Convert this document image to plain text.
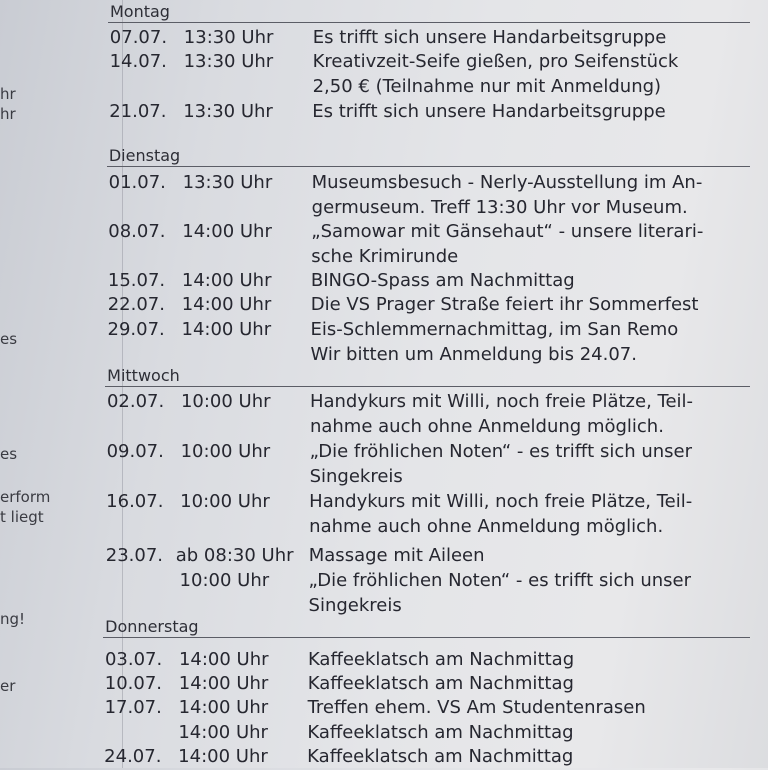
hr
hr
es
es
erform
t liegt
ng!
er
Montag
07.07. 13:30 Uhr Es trifft sich unsere Handarbeitsgruppe
14.07. 13:30 Uhr Kreativzeit-Seife gießen, pro Seifenstück
2,50 € (Teilnahme nur mit Anmeldung)
21.07. 13:30 Uhr Es trifft sich unsere Handarbeitsgruppe
Dienstag
01.07. 13:30 Uhr Museumsbesuch - Nerly-Ausstellung im An-
germuseum. Treff 13:30 Uhr vor Museum.
08.07. 14:00 Uhr „Samowar mit Gänsehaut“ - unsere literari-
sche Krimirunde
15.07. 14:00 Uhr BINGO-Spass am Nachmittag
22.07. 14:00 Uhr Die VS Prager Straße feiert ihr Sommerfest
29.07. 14:00 Uhr Eis-Schlemmernachmittag, im San Remo
Wir bitten um Anmeldung bis 24.07.
Mittwoch
02.07. 10:00 Uhr Handykurs mit Willi, noch freie Plätze, Teil-
nahme auch ohne Anmeldung möglich.
09.07. 10:00 Uhr „Die fröhlichen Noten“ - es trifft sich unser
Singekreis
16.07. 10:00 Uhr Handykurs mit Willi, noch freie Plätze, Teil-
nahme auch ohne Anmeldung möglich.
23.07. ab 08:30 Uhr Massage mit Aileen
10:00 Uhr „Die fröhlichen Noten“ - es trifft sich unser
Singekreis
Donnerstag
03.07. 14:00 Uhr Kaffeeklatsch am Nachmittag
10.07. 14:00 Uhr Kaffeeklatsch am Nachmittag
17.07. 14:00 Uhr Treffen ehem. VS Am Studentenrasen
14:00 Uhr Kaffeeklatsch am Nachmittag
24.07. 14:00 Uhr Kaffeeklatsch am Nachmittag
